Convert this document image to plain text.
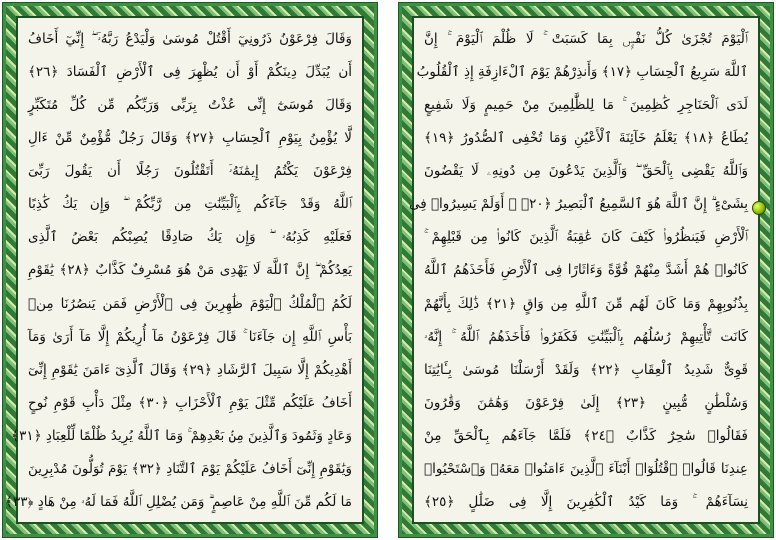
وَقَالَ فِرْعَوْنُ ذَرُونِيٓ أَقْتُلْ مُوسَىٰ وَلْيَدْعُ رَبَّهُۥٓ ۖ إِنِّيٓ أَخَافُ
أَن يُبَدِّلَ دِينَكُمْ أَوْ أَن يُظْهِرَ فِى ٱلْأَرْضِ ٱلْفَسَادَ ﴿٢٦﴾
وَقَالَ مُوسَىٰٓ إِنِّى عُذْتُ بِرَبِّى وَرَبِّكُم مِّن كُلِّ مُتَكَبِّرٍ
لَّا يُؤْمِنُ بِيَوْمِ ٱلْحِسَابِ ﴿٢٧﴾ وَقَالَ رَجُلٌ مُّؤْمِنٌ مِّنْ ءَالِ
فِرْعَوْنَ يَكْتُمُ إِيمَٰنَهُۥٓ أَتَقْتُلُونَ رَجُلًا أَن يَقُولَ رَبِّىَ
ٱللَّهُ وَقَدْ جَآءَكُم بِٱلْبَيِّنَٰتِ مِن رَّبِّكُمْ ۖ وَإِن يَكُ كَٰذِبًا
فَعَلَيْهِ كَذِبُهُۥ ۖ وَإِن يَكُ صَادِقًا يُصِبْكُم بَعْضُ ٱلَّذِى
يَعِدُكُمْ ۖ إِنَّ ٱللَّهَ لَا يَهْدِى مَنْ هُوَ مُسْرِفٌ كَذَّابٌ ﴿٢٨﴾ يَٰقَوْمِ
لَكُمُ ٱلْمُلْكُ ٱلْيَوْمَ ظَٰهِرِينَ فِى ٱلْأَرْضِ فَمَن يَنصُرُنَا مِنۢ
بَأْسِ ٱللَّهِ إِن جَآءَنَا ۚ قَالَ فِرْعَوْنُ مَآ أُرِيكُمْ إِلَّا مَآ أَرَىٰ وَمَآ
أَهْدِيكُمْ إِلَّا سَبِيلَ ٱلرَّشَادِ ﴿٢٩﴾ وَقَالَ ٱلَّذِىٓ ءَامَنَ يَٰقَوْمِ إِنِّىٓ
أَخَافُ عَلَيْكُم مِّثْلَ يَوْمِ ٱلْأَحْزَابِ ﴿٣٠﴾ مِثْلَ دَأْبِ قَوْمِ نُوحٍ
وَعَادٍ وَثَمُودَ وَٱلَّذِينَ مِنۢ بَعْدِهِمْ ۚ وَمَا ٱللَّهُ يُرِيدُ ظُلْمًا لِّلْعِبَادِ ﴿٣١﴾
وَيَٰقَوْمِ إِنِّىٓ أَخَافُ عَلَيْكُمْ يَوْمَ ٱلتَّنَادِ ﴿٣٢﴾ يَوْمَ تُوَلُّونَ مُدْبِرِينَ
مَا لَكُم مِّنَ ٱللَّهِ مِنْ عَاصِمٍ ۗ وَمَن يُضْلِلِ ٱللَّهُ فَمَا لَهُۥ مِنْ هَادٍ ﴿٣٣﴾
ٱلْيَوْمَ تُجْزَىٰ كُلُّ نَفْسٍۭ بِمَا كَسَبَتْ ۚ لَا ظُلْمَ ٱلْيَوْمَ ۚ إِنَّ
ٱللَّهَ سَرِيعُ ٱلْحِسَابِ ﴿١٧﴾ وَأَنذِرْهُمْ يَوْمَ ٱلْءَازِفَةِ إِذِ ٱلْقُلُوبُ
لَدَى ٱلْحَنَاجِرِ كَٰظِمِينَ ۚ مَا لِلظَّٰلِمِينَ مِنْ حَمِيمٍ وَلَا شَفِيعٍ
يُطَاعُ ﴿١٨﴾ يَعْلَمُ خَآئِنَةَ ٱلْأَعْيُنِ وَمَا تُخْفِى ٱلصُّدُورُ ﴿١٩﴾
وَٱللَّهُ يَقْضِى بِٱلْحَقِّ ۖ وَٱلَّذِينَ يَدْعُونَ مِن دُونِهِۦ لَا يَقْضُونَ
بِشَىْءٍ ۗ إِنَّ ٱللَّهَ هُوَ ٱلسَّمِيعُ ٱلْبَصِيرُ ﴿٢٠﴾ ۞ أَوَلَمْ يَسِيرُوا۟ فِى
ٱلْأَرْضِ فَيَنظُرُوا۟ كَيْفَ كَانَ عَٰقِبَةُ ٱلَّذِينَ كَانُوا۟ مِن قَبْلِهِمْ ۚ
كَانُوا۟ هُمْ أَشَدَّ مِنْهُمْ قُوَّةً وَءَاثَارًا فِى ٱلْأَرْضِ فَأَخَذَهُمُ ٱللَّهُ
بِذُنُوبِهِمْ وَمَا كَانَ لَهُم مِّنَ ٱللَّهِ مِن وَاقٍ ﴿٢١﴾ ذَٰلِكَ بِأَنَّهُمْ
كَانَت تَّأْتِيهِمْ رُسُلُهُم بِٱلْبَيِّنَٰتِ فَكَفَرُوا۟ فَأَخَذَهُمُ ٱللَّهُ ۚ إِنَّهُۥ
قَوِىٌّ شَدِيدُ ٱلْعِقَابِ ﴿٢٢﴾ وَلَقَدْ أَرْسَلْنَا مُوسَىٰ بِـَٔايَٰتِنَا
وَسُلْطَٰنٍ مُّبِينٍ ﴿٢٣﴾ إِلَىٰ فِرْعَوْنَ وَهَٰمَٰنَ وَقَٰرُونَ
فَقَالُوا۟ سَٰحِرٌ كَذَّابٌ ﴿٢٤﴾ فَلَمَّا جَآءَهُم بِٱلْحَقِّ مِنْ
عِندِنَا قَالُوا۟ ٱقْتُلُوٓا۟ أَبْنَآءَ ٱلَّذِينَ ءَامَنُوا۟ مَعَهُۥ وَٱسْتَحْيُوا۟
نِسَآءَهُمْ ۚ وَمَا كَيْدُ ٱلْكَٰفِرِينَ إِلَّا فِى ضَلَٰلٍ ﴿٢٥﴾
